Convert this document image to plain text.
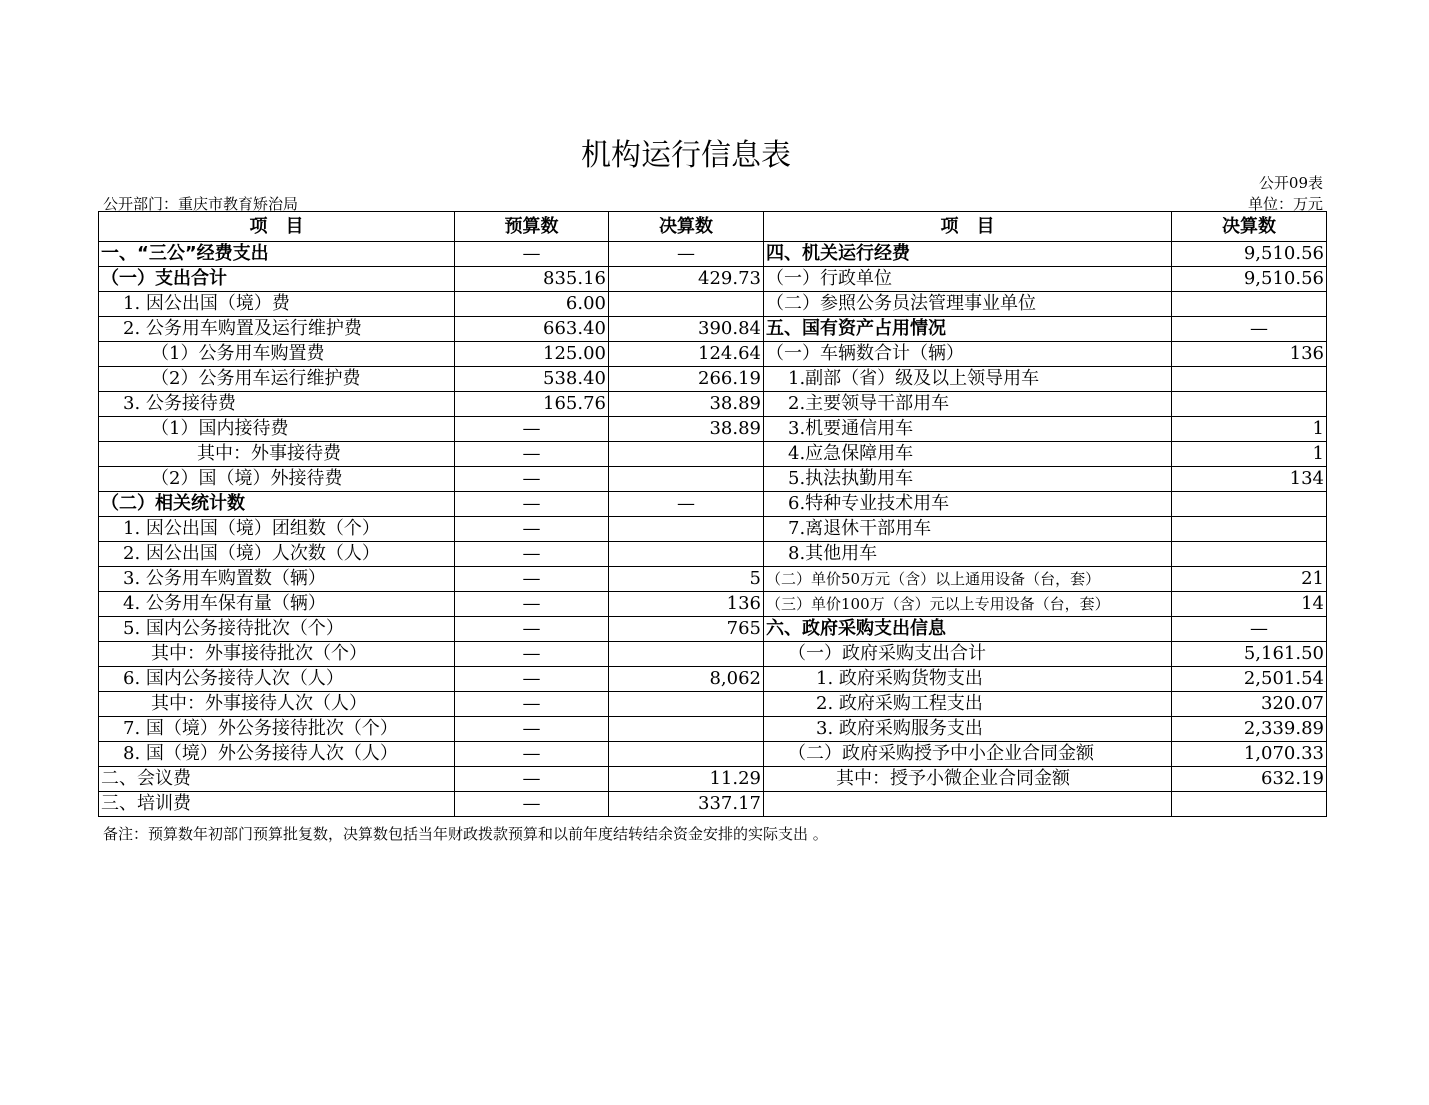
机构运行信息表
公开09表
公开部门：重庆市教育矫治局	单位：万元
项　目	预算数	决算数	项　目	决算数
一、“三公”经费支出	—	—	四、机关运行经费	9,510.56
（一）支出合计	835.16	429.73	（一）行政单位	9,510.56
1. 因公出国（境）费	6.00		（二）参照公务员法管理事业单位	
2. 公务用车购置及运行维护费	663.40	390.84	五、国有资产占用情况	—
（1）公务用车购置费	125.00	124.64	（一）车辆数合计（辆）	136
（2）公务用车运行维护费	538.40	266.19	1.副部（省）级及以上领导用车	
3. 公务接待费	165.76	38.89	2.主要领导干部用车	
（1）国内接待费	—	38.89	3.机要通信用车	1
其中：外事接待费	—		4.应急保障用车	1
（2）国（境）外接待费	—		5.执法执勤用车	134
（二）相关统计数	—	—	6.特种专业技术用车	
1. 因公出国（境）团组数（个）	—		7.离退休干部用车	
2. 因公出国（境）人次数（人）	—		8.其他用车	
3. 公务用车购置数（辆）	—	5	（二）单价50万元（含）以上通用设备（台，套）	21
4. 公务用车保有量（辆）	—	136	（三）单价100万（含）元以上专用设备（台，套）	14
5. 国内公务接待批次（个）	—	765	六、政府采购支出信息	—
其中：外事接待批次（个）	—		（一）政府采购支出合计	5,161.50
6. 国内公务接待人次（人）	—	8,062	1. 政府采购货物支出	2,501.54
其中：外事接待人次（人）	—		2. 政府采购工程支出	320.07
7. 国（境）外公务接待批次（个）	—		3. 政府采购服务支出	2,339.89
8. 国（境）外公务接待人次（人）	—		（二）政府采购授予中小企业合同金额	1,070.33
二、会议费	—	11.29	其中：授予小微企业合同金额	632.19
三、培训费	—	337.17		
备注：预算数年初部门预算批复数，决算数包括当年财政拨款预算和以前年度结转结余资金安排的实际支出 。
